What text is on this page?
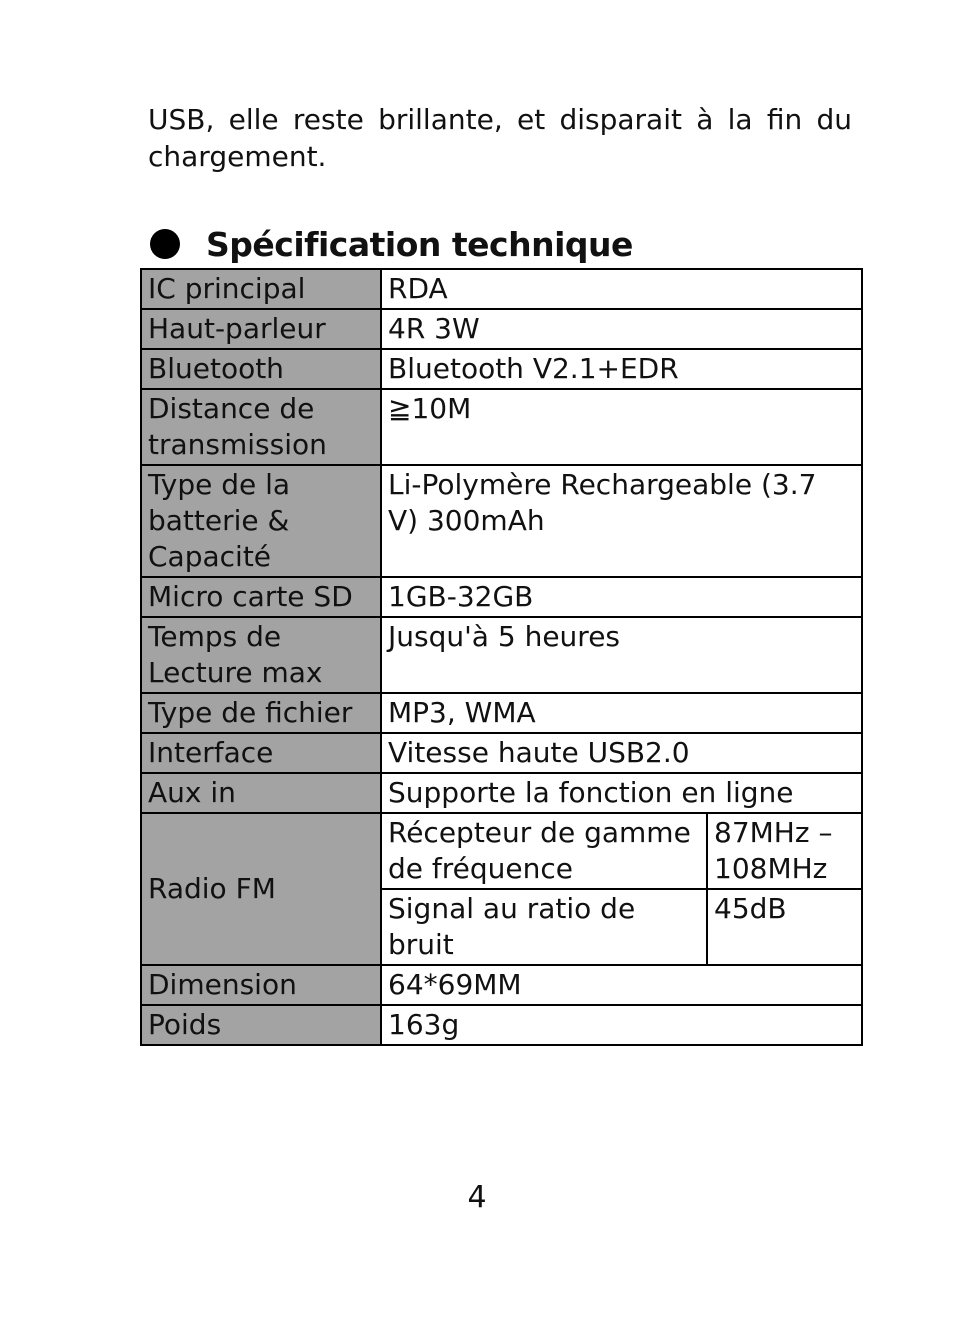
USB, elle reste brillante, et disparait à la fin du chargement.
Spécification technique
IC principal	RDA	
Haut-parleur	4R 3W	
Bluetooth	Bluetooth V2.1+EDR	
Distance de transmission	≧10M	
Type de la batterie & Capacité	Li-Polymère Rechargeable (3.7 V) 300mAh	
Micro carte SD	1GB-32GB	
Temps de Lecture max	Jusqu'à 5 heures	
Type de fichier	MP3, WMA	
Interface	Vitesse haute USB2.0	
Aux in	Supporte la fonction en ligne	
Radio FM	Récepteur de gamme de fréquence	87MHz – 108MHz
	Signal au ratio de bruit	45dB
Dimension	64*69MM	
Poids	163g	
4
